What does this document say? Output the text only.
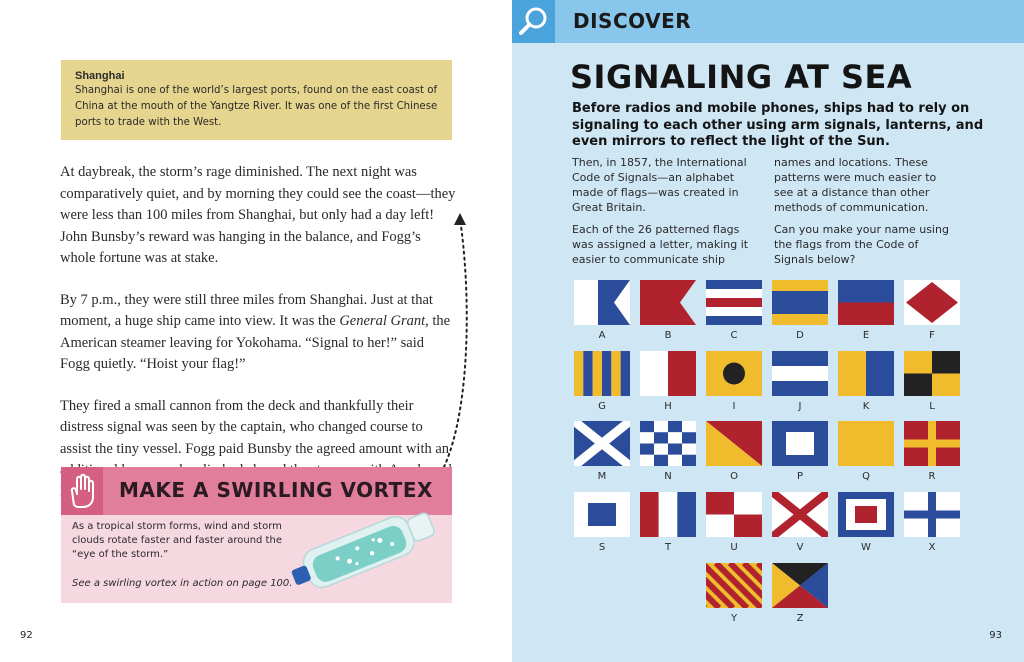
Shanghai
Shanghai is one of the world’s largest ports, found on the east coast of China at the mouth of the Yangtze River. It was one of the first Chinese ports to trade with the West.

At daybreak, the storm’s rage diminished. The next night was comparatively quiet, and by morning they could see the coast—they were less than 100 miles from Shanghai, but only had a day left! John Bunsby’s reward was hanging in the balance, and Fogg’s whole fortune was at stake.

By 7 p.m., they were still three miles from Shanghai. Just at that moment, a huge ship came into view. It was the General Grant, the American steamer leaving for Yokohama. “Signal to her!” said Fogg quietly. “Hoist your flag!”

They fired a small cannon from the deck and thankfully their distress signal was seen by the captain, who changed course to assist the tiny vessel. Fogg paid Bunsby the agreed amount with an

MAKE A SWIRLING VORTEX
As a tropical storm forms, wind and storm clouds rotate faster and faster around the “eye of the storm.”
See a swirling vortex in action on page 100.
92
DISCOVER
SIGNALING AT SEA
Before radios and mobile phones, ships had to rely on signaling to each other using arm signals, lanterns, and even mirrors to reflect the light of the Sun.

Then, in 1857, the International Code of Signals—an alphabet made of flags—was created in Great Britain.

Each of the 26 patterned flags was assigned a letter, making it easier to communicate ship

names and locations. These patterns were much easier to see at a distance than other methods of communication.

Can you make your name using the flags from the Code of Signals below?

A	B	C	D	E	F
G	H	I	J	K	L
M	N	O	P	Q	R
S	T	U	V	W	X
Y	Z
93
